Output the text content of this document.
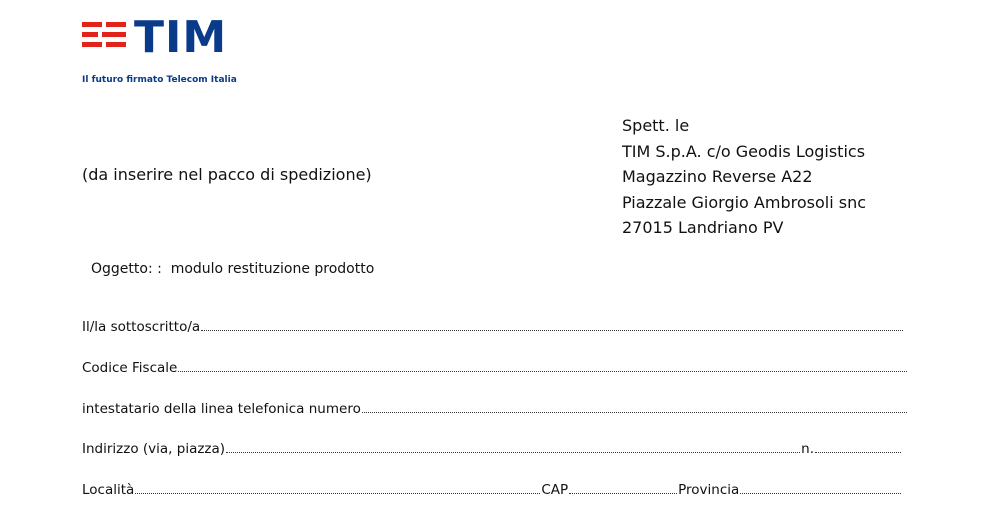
TIM
Il futuro firmato Telecom Italia
Spett. le
TIM S.p.A. c/o Geodis Logistics
Magazzino Reverse A22
Piazzale Giorgio Ambrosoli snc
27015 Landriano PV
(da inserire nel pacco di spedizione)
Oggetto: : modulo restituzione prodotto
Il/la sottoscritto/a
Codice Fiscale
intestatario della linea telefonica numero
Indirizzo (via, piazza)	n.
Località	CAP	Provincia
